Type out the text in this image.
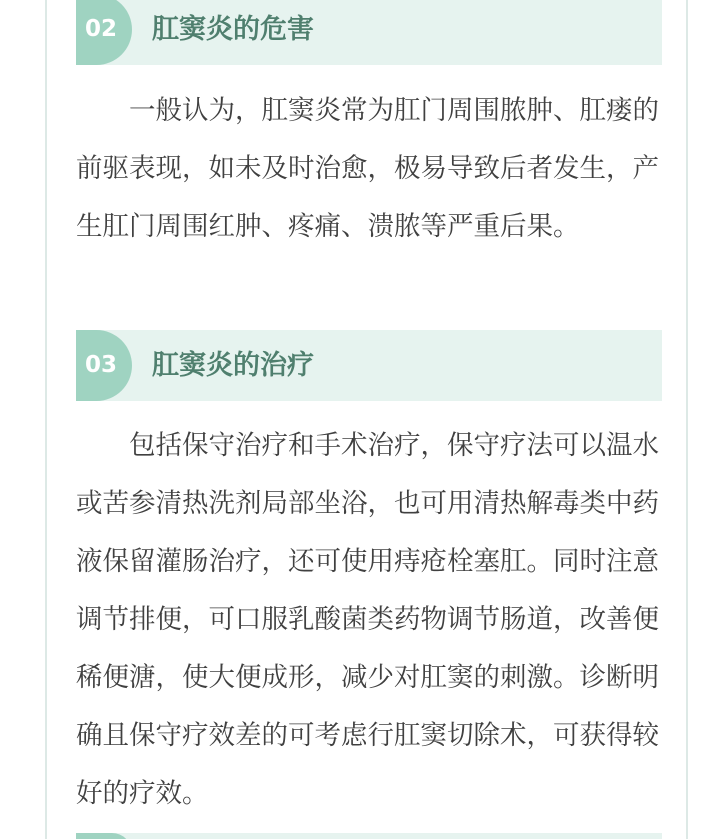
02	肛窦炎的危害

一般认为，肛窦炎常为肛门周围脓肿、肛瘘的前驱表现，如未及时治愈，极易导致后者发生，产生肛门周围红肿、疼痛、溃脓等严重后果。

03	肛窦炎的治疗

包括保守治疗和手术治疗，保守疗法可以温水或苦参清热洗剂局部坐浴，也可用清热解毒类中药液保留灌肠治疗，还可使用痔疮栓塞肛。同时注意调节排便，可口服乳酸菌类药物调节肠道，改善便稀便溏，使大便成形，减少对肛窦的刺激。诊断明确且保守疗效差的可考虑行肛窦切除术，可获得较好的疗效。
